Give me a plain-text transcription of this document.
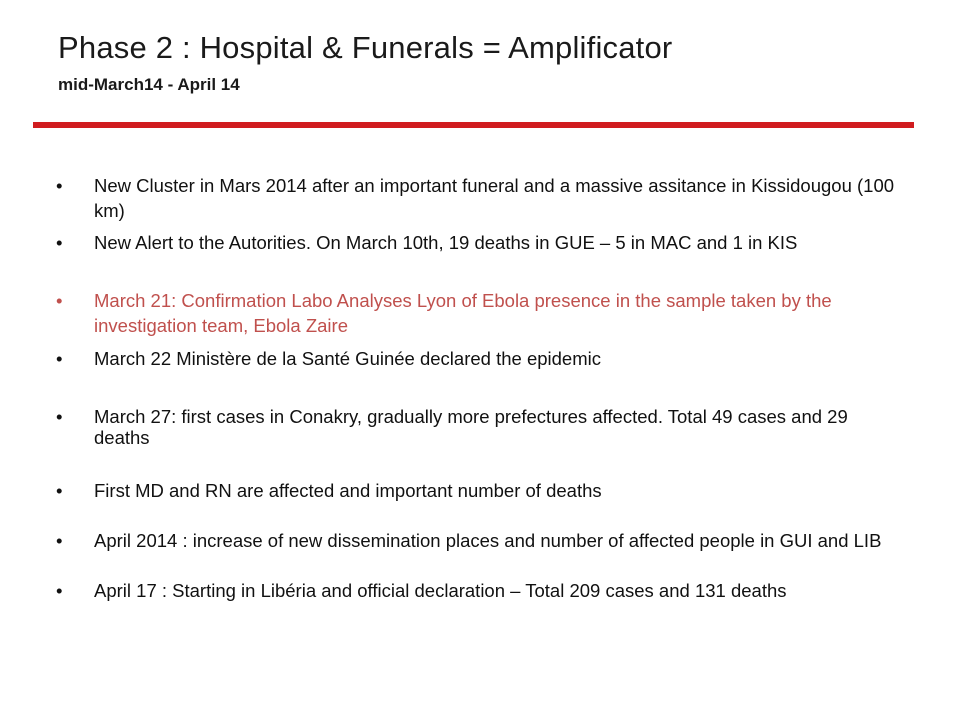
Phase 2 : Hospital & Funerals = Amplificator
mid-March14 - April 14
•	New Cluster in Mars 2014 after an important funeral and a massive assitance in Kissidougou (100 km)
•	New Alert to the Autorities. On March 10th, 19 deaths in GUE – 5 in MAC and 1 in KIS
•	March 21: Confirmation Labo Analyses Lyon of Ebola presence in the sample taken by the investigation team, Ebola Zaire
•	March 22 Ministère de la Santé Guinée declared the epidemic
•	March 27: first cases in Conakry, gradually more prefectures affected. Total 49 cases and 29 deaths
•	First MD and RN are affected and important number of deaths
•	April 2014 : increase of new dissemination places and number of affected people in GUI and LIB
•	April 17 : Starting in Libéria and official declaration – Total 209 cases and 131 deaths
